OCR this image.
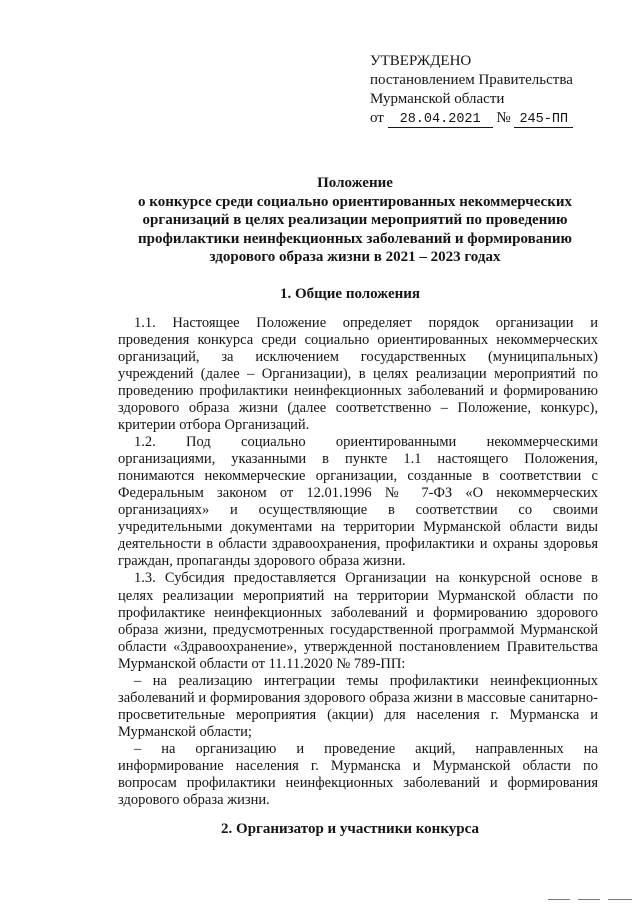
УТВЕРЖДЕНО
постановлением Правительства
Мурманской области
от 28.04.2021 № 245-ПП
Положение
о конкурсе среди социально ориентированных некоммерческих
организаций в целях реализации мероприятий по проведению
профилактики неинфекционных заболеваний и формированию
здорового образа жизни в 2021 – 2023 годах
1. Общие положения
1.1. Настоящее Положение определяет порядок организации и
проведения конкурса среди социально ориентированных некоммерческих
организаций, за исключением государственных (муниципальных)
учреждений (далее – Организации), в целях реализации мероприятий по
проведению профилактики неинфекционных заболеваний и формированию
здорового образа жизни (далее соответственно – Положение, конкурс),
критерии отбора Организаций.
1.2. Под социально ориентированными некоммерческими
организациями, указанными в пункте 1.1 настоящего Положения,
понимаются некоммерческие организации, созданные в соответствии с
Федеральным законом от 12.01.1996 № 7-ФЗ «О некоммерческих
организациях» и осуществляющие в соответствии со своими
учредительными документами на территории Мурманской области виды
деятельности в области здравоохранения, профилактики и охраны здоровья
граждан, пропаганды здорового образа жизни.
1.3. Субсидия предоставляется Организации на конкурсной основе в
целях реализации мероприятий на территории Мурманской области по
профилактике неинфекционных заболеваний и формированию здорового
образа жизни, предусмотренных государственной программой Мурманской
области «Здравоохранение», утвержденной постановлением Правительства
Мурманской области от 11.11.2020 № 789-ПП:
– на реализацию интеграции темы профилактики неинфекционных
заболеваний и формирования здорового образа жизни в массовые санитарно-
просветительные мероприятия (акции) для населения г. Мурманска и
Мурманской области;
– на организацию и проведение акций, направленных на
информирование населения г. Мурманска и Мурманской области по
вопросам профилактики неинфекционных заболеваний и формирования
здорового образа жизни.
2. Организатор и участники конкурса
